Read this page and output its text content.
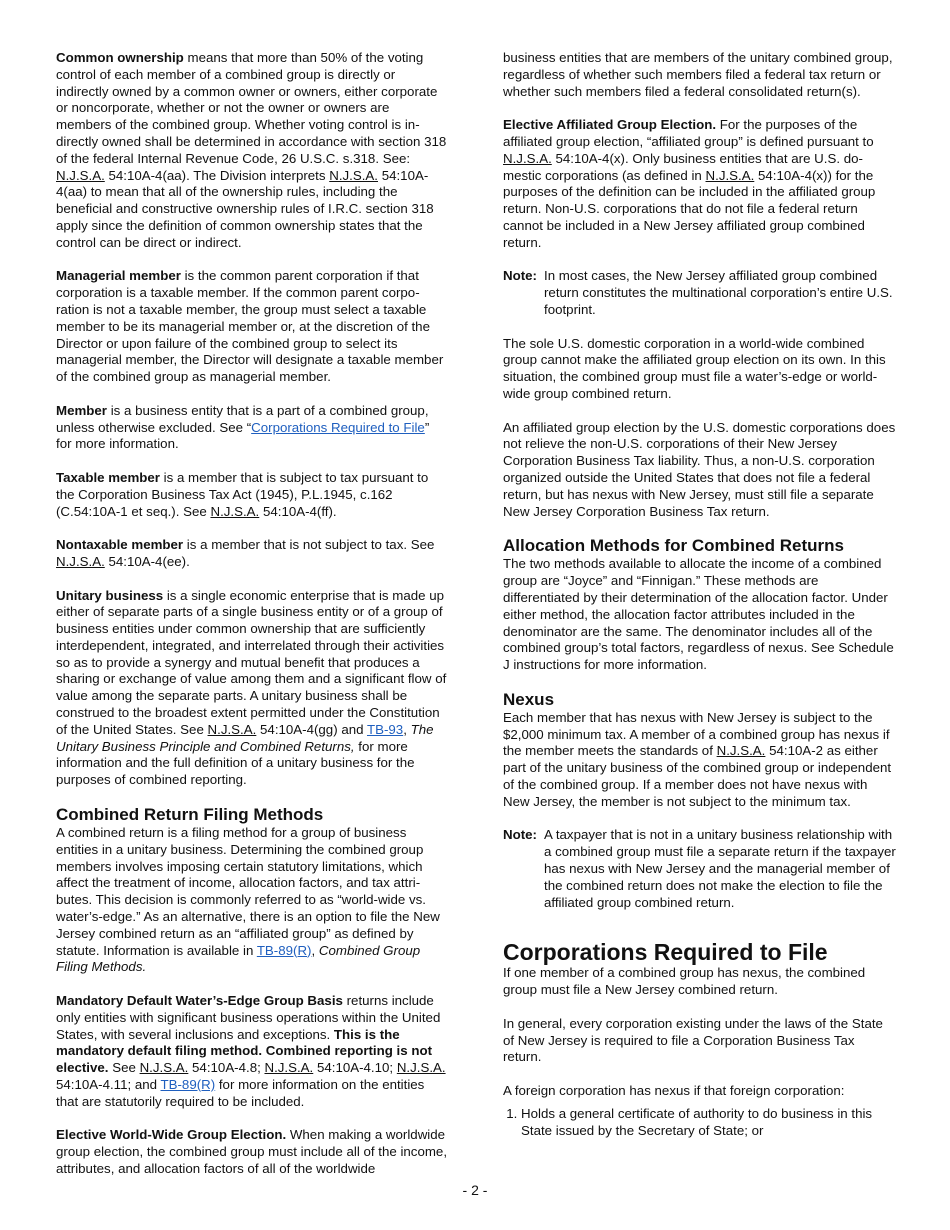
Common ownership means that more than 50% of the voting control of each member of a combined group is directly or indirectly owned by a common owner or owners, either corporate or noncorporate, whether or not the owner or owners are members of the combined group. Whether voting control is indirectly owned shall be determined in accordance with section 318 of the federal Internal Revenue Code, 26 U.S.C. s.318. See: N.J.S.A. 54:10A-4(aa). The Division interprets N.J.S.A. 54:10A-4(aa) to mean that all of the ownership rules, including the beneficial and constructive ownership rules of I.R.C. section 318 apply since the definition of common ownership states that the control can be direct or indirect.

Managerial member is the common parent corporation if that corporation is a taxable member. If the common parent corporation is not a taxable member, the group must select a taxable member to be its managerial member or, at the discretion of the Director or upon failure of the combined group to select its managerial member, the Director will designate a taxable member of the combined group as managerial member.

Member is a business entity that is a part of a combined group, unless otherwise excluded. See “Corporations Required to File” for more information.

Taxable member is a member that is subject to tax pursuant to the Corporation Business Tax Act (1945), P.L.1945, c.162 (C.54:10A-1 et seq.). See N.J.S.A. 54:10A-4(ff).

Nontaxable member is a member that is not subject to tax. See N.J.S.A. 54:10A-4(ee).

Unitary business is a single economic enterprise that is made up either of separate parts of a single business entity or of a group of business entities under common ownership that are sufficiently interdependent, integrated, and interrelated through their activities so as to provide a synergy and mutual benefit that produces a sharing or exchange of value among them and a significant flow of value among the separate parts. A unitary business shall be construed to the broadest extent permitted under the Constitution of the United States. See N.J.S.A. 54:10A-4(gg) and TB-93, The Unitary Business Principle and Combined Returns, for more information and the full definition of a unitary business for the purposes of combined reporting.

Combined Return Filing Methods

A combined return is a filing method for a group of business entities in a unitary business. Determining the combined group members involves imposing certain statutory limitations, which affect the treatment of income, allocation factors, and tax attributes. This decision is commonly referred to as “world-wide vs. water’s-edge.” As an alternative, there is an option to file the New Jersey combined return as an “affiliated group” as defined by statute. Information is available in TB-89(R), Combined Group Filing Methods.

Mandatory Default Water’s-Edge Group Basis returns include only entities with significant business operations within the United States, with several inclusions and exceptions. This is the mandatory default filing method. Combined reporting is not elective. See N.J.S.A. 54:10A-4.8; N.J.S.A. 54:10A-4.10; N.J.S.A. 54:10A-4.11; and TB-89(R) for more information on the entities that are statutorily required to be included.

Elective World-Wide Group Election. When making a worldwide group election, the combined group must include all of the income, attributes, and allocation factors of all of the worldwide

business entities that are members of the unitary combined group, regardless of whether such members filed a federal tax return or whether such members filed a federal consolidated return(s).

Elective Affiliated Group Election. For the purposes of the affiliated group election, “affiliated group” is defined pursuant to N.J.S.A. 54:10A-4(x). Only business entities that are U.S. domestic corporations (as defined in N.J.S.A. 54:10A-4(x)) for the purposes of the definition can be included in the affiliated group return. Non-U.S. corporations that do not file a federal return cannot be included in a New Jersey affiliated group combined return.

Note: In most cases, the New Jersey affiliated group combined return constitutes the multinational corporation’s entire U.S. footprint.

The sole U.S. domestic corporation in a world-wide combined group cannot make the affiliated group election on its own. In this situation, the combined group must file a water’s-edge or world-wide group combined return.

An affiliated group election by the U.S. domestic corporations does not relieve the non-U.S. corporations of their New Jersey Corporation Business Tax liability. Thus, a non-U.S. corporation organized outside the United States that does not file a federal return, but has nexus with New Jersey, must still file a separate New Jersey Corporation Business Tax return.

Allocation Methods for Combined Returns

The two methods available to allocate the income of a combined group are “Joyce” and “Finnigan.” These methods are differentiated by their determination of the allocation factor. Under either method, the allocation factor attributes included in the denominator are the same. The denominator includes all of the combined group’s total factors, regardless of nexus. See Schedule J instructions for more information.

Nexus

Each member that has nexus with New Jersey is subject to the $2,000 minimum tax. A member of a combined group has nexus if the member meets the standards of N.J.S.A. 54:10A-2 as either part of the unitary business of the combined group or independent of the combined group. If a member does not have nexus with New Jersey, the member is not subject to the minimum tax.

Note: A taxpayer that is not in a unitary business relationship with a combined group must file a separate return if the taxpayer has nexus with New Jersey and the managerial member of the combined return does not make the election to file the affiliated group combined return.
Corporations Required to File

If one member of a combined group has nexus, the combined group must file a New Jersey combined return.

In general, every corporation existing under the laws of the State of New Jersey is required to file a Corporation Business Tax return.

A foreign corporation has nexus if that foreign corporation:

1. Holds a general certificate of authority to do business in this State issued by the Secretary of State; or
- 2 -
